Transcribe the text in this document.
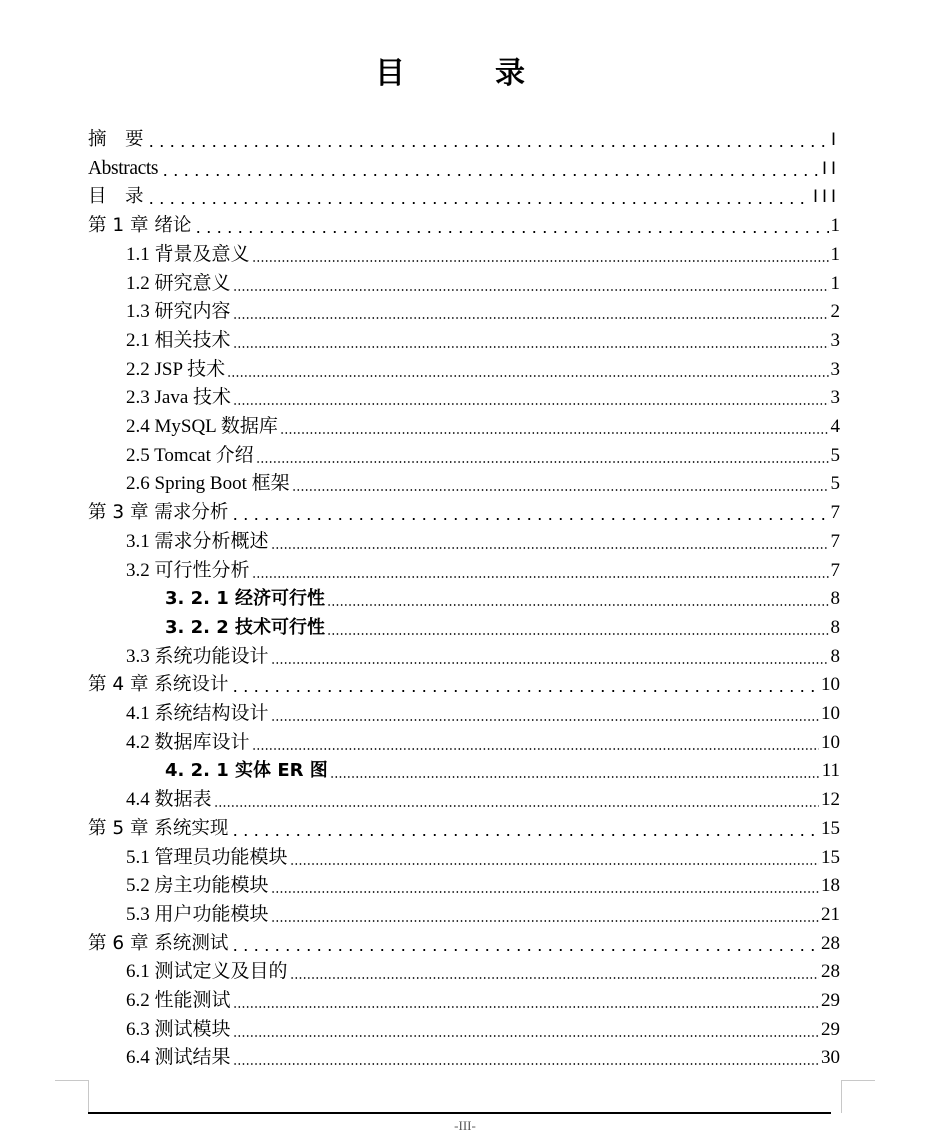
目　录
摘　要	I
Abstracts	II
目　录	III
第 1 章 绪论	1
1.1 背景及意义	1
1.2 研究意义	1
1.3 研究内容	2
2.1 相关技术	3
2.2 JSP 技术	3
2.3 Java 技术	3
2.4 MySQL 数据库	4
2.5 Tomcat 介绍	5
2.6 Spring Boot 框架	5
第 3 章 需求分析	7
3.1 需求分析概述	7
3.2 可行性分析	7
3. 2. 1 经济可行性	8
3. 2. 2 技术可行性	8
3.3 系统功能设计	8
第 4 章 系统设计	10
4.1 系统结构设计	10
4.2 数据库设计	10
4. 2. 1 实体 ER 图	11
4.4 数据表	12
第 5 章 系统实现	15
5.1 管理员功能模块	15
5.2 房主功能模块	18
5.3 用户功能模块	21
第 6 章 系统测试	28
6.1 测试定义及目的	28
6.2 性能测试	29
6.3 测试模块	29
6.4 测试结果	30
-III-
